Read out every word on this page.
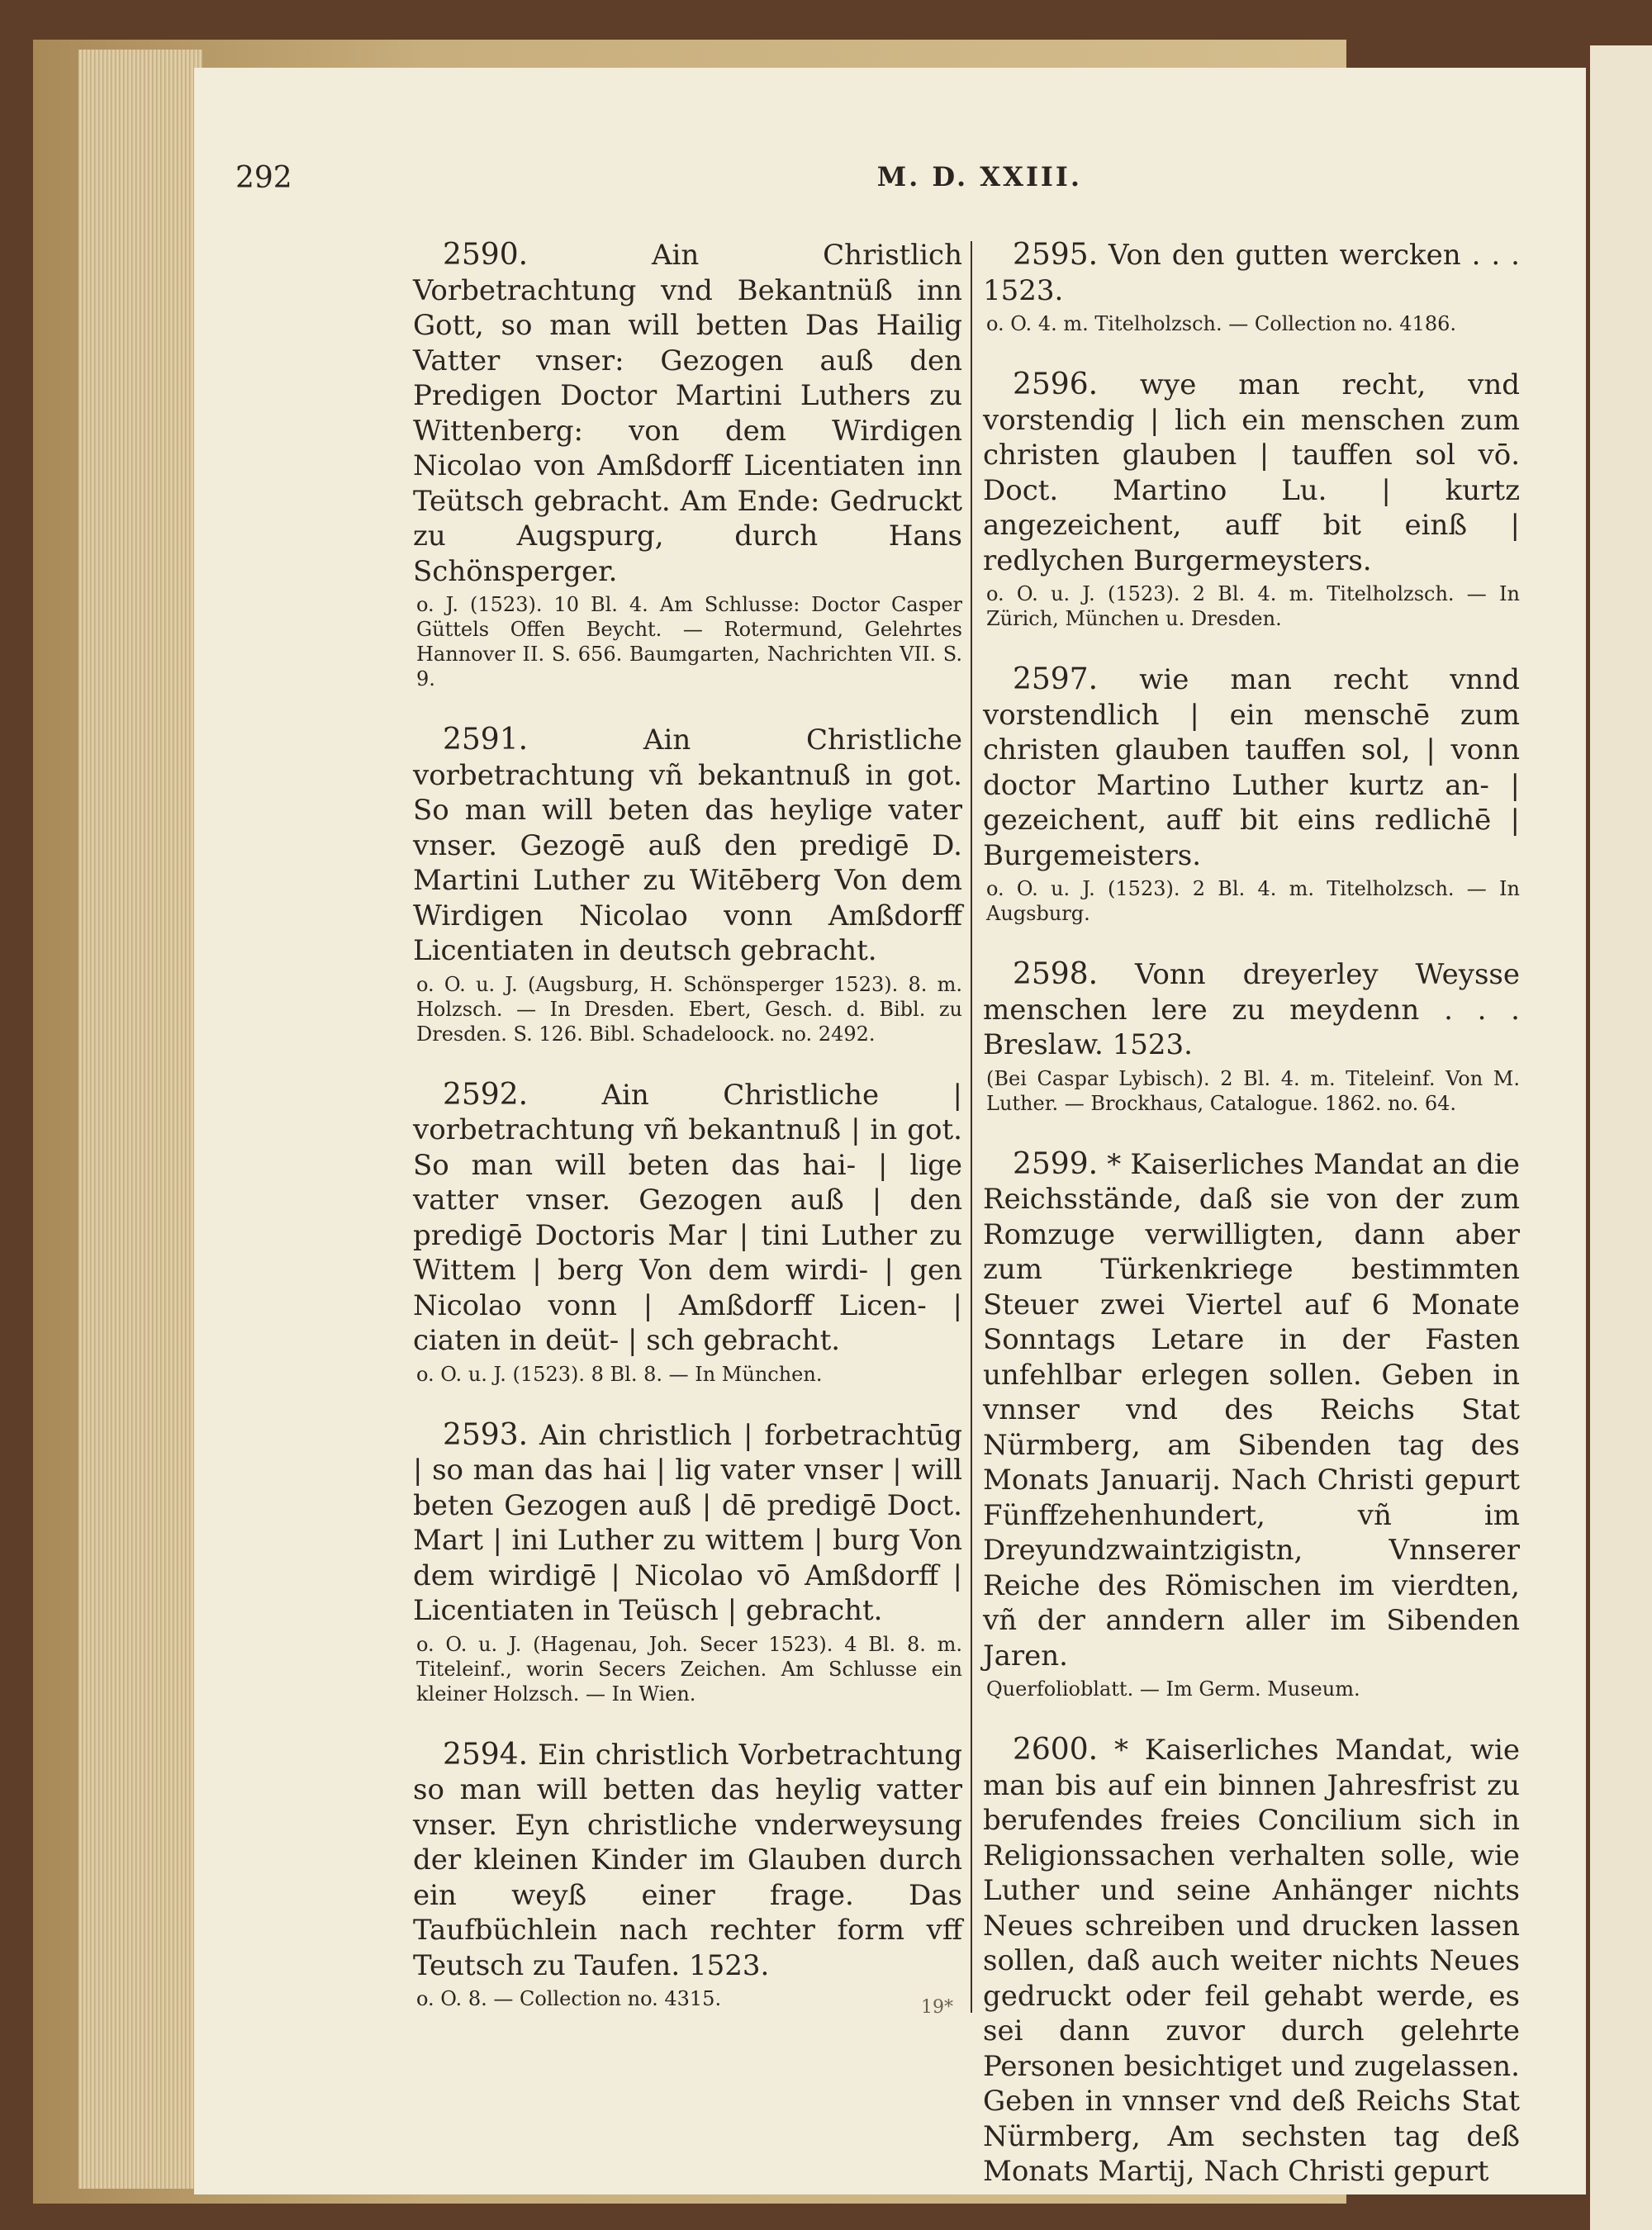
292	M. D. XXIII.
2590.	Ain Christlich Vorbetrachtung vnd Bekantnüß inn Gott, so man will betten Das Hailig Vatter vnser: Gezogen auß den Predigen Doctor Martini Luthers zu Wittenberg: von dem Wirdigen Nicolao von Amßdorff Licentiaten inn Teütsch gebracht. Am Ende: Gedruckt zu Augspurg, durch Hans Schönsperger.
o. J. (1523). 10 Bl. 4. Am Schlusse: Doctor Casper Güttels Offen Beycht. — Rotermund, Gelehrtes Hannover II. S. 656. Baumgarten, Nachrichten VII. S. 9.
2591.	Ain Christliche vorbetrachtung vñ bekantnuß in got. So man will beten das heylige vater vnser. Gezogē auß den predigē D. Martini Luther zu Witēberg Von dem Wirdigen Nicolao vonn Amßdorff Licentiaten in deutsch gebracht.
o. O. u. J. (Augsburg, H. Schönsperger 1523). 8. m. Holzsch. — In Dresden. Ebert, Gesch. d. Bibl. zu Dresden. S. 126. Bibl. Schadeloock. no. 2492.
2592.	Ain Christliche | vorbetrachtung vñ bekantnuß | in got. So man will beten das hai- | lige vatter vnser. Gezogen auß | den predigē Doctoris Mar | tini Luther zu Wittem | berg Von dem wirdi- | gen Nicolao vonn | Amßdorff Licen- | ciaten in deüt- | sch gebracht.
o. O. u. J. (1523). 8 Bl. 8. — In München.
2593. Ain christlich | forbetrachtūg | so man das hai | lig vater vnser | will beten Gezogen auß | dē predigē Doct. Mart | ini Luther zu wittem | burg Von dem wirdigē | Nicolao vō Amßdorff | Licentiaten in Teüsch | gebracht.
o. O. u. J. (Hagenau, Joh. Secer 1523). 4 Bl. 8. m. Titeleinf., worin Secers Zeichen. Am Schlusse ein kleiner Holzsch. — In Wien.
2594. Ein christlich Vorbetrachtung so man will betten das heylig vatter vnser. Eyn christliche vnderweysung der kleinen Kinder im Glauben durch ein weyß einer frage. Das Taufbüchlein nach rechter form vff Teutsch zu Taufen. 1523.
o. O. 8. — Collection no. 4315.
2595. Von den gutten wercken . . . 1523.
o. O. 4. m. Titelholzsch. — Collection no. 4186.
2596. wye man recht, vnd vorstendig | lich ein menschen zum christen glauben | tauffen sol vō. Doct. Martino Lu. | kurtz angezeichent, auff bit einß | redlychen Burgermeysters.
o. O. u. J. (1523). 2 Bl. 4. m. Titelholzsch. — In Zürich, München u. Dresden.
2597. wie man recht vnnd vorstendlich | ein menschē zum christen glauben tauffen sol, | vonn doctor Martino Luther kurtz an- | gezeichent, auff bit eins redlichē | Burgemeisters.
o. O. u. J. (1523). 2 Bl. 4. m. Titelholzsch. — In Augsburg.
2598. Vonn dreyerley Weysse menschen lere zu meydenn . . . Breslaw. 1523.
(Bei Caspar Lybisch). 2 Bl. 4. m. Titeleinf. Von M. Luther. — Brockhaus, Catalogue. 1862. no. 64.
2599. * Kaiserliches Mandat an die Reichsstände, daß sie von der zum Romzuge verwilligten, dann aber zum Türkenkriege bestimmten Steuer zwei Viertel auf 6 Monate Sonntags Letare in der Fasten unfehlbar erlegen sollen. Geben in vnnser vnd des Reichs Stat Nürmberg, am Sibenden tag des Monats Januarij. Nach Christi gepurt Fünffzehenhundert, vñ im Dreyundzwaintzigistn, Vnnserer Reiche des Römischen im vierdten, vñ der anndern aller im Sibenden Jaren.
Querfolioblatt. — Im Germ. Museum.
2600. * Kaiserliches Mandat, wie man bis auf ein binnen Jahresfrist zu berufendes freies Concilium sich in Religionssachen verhalten solle, wie Luther und seine Anhänger nichts Neues schreiben und drucken lassen sollen, daß auch weiter nichts Neues gedruckt oder feil gehabt werde, es sei dann zuvor durch gelehrte Personen besichtiget und zugelassen. Geben in vnnser vnd deß Reichs Stat Nürmberg, Am sechsten tag deß Monats Martij, Nach Christi gepurt
19*
